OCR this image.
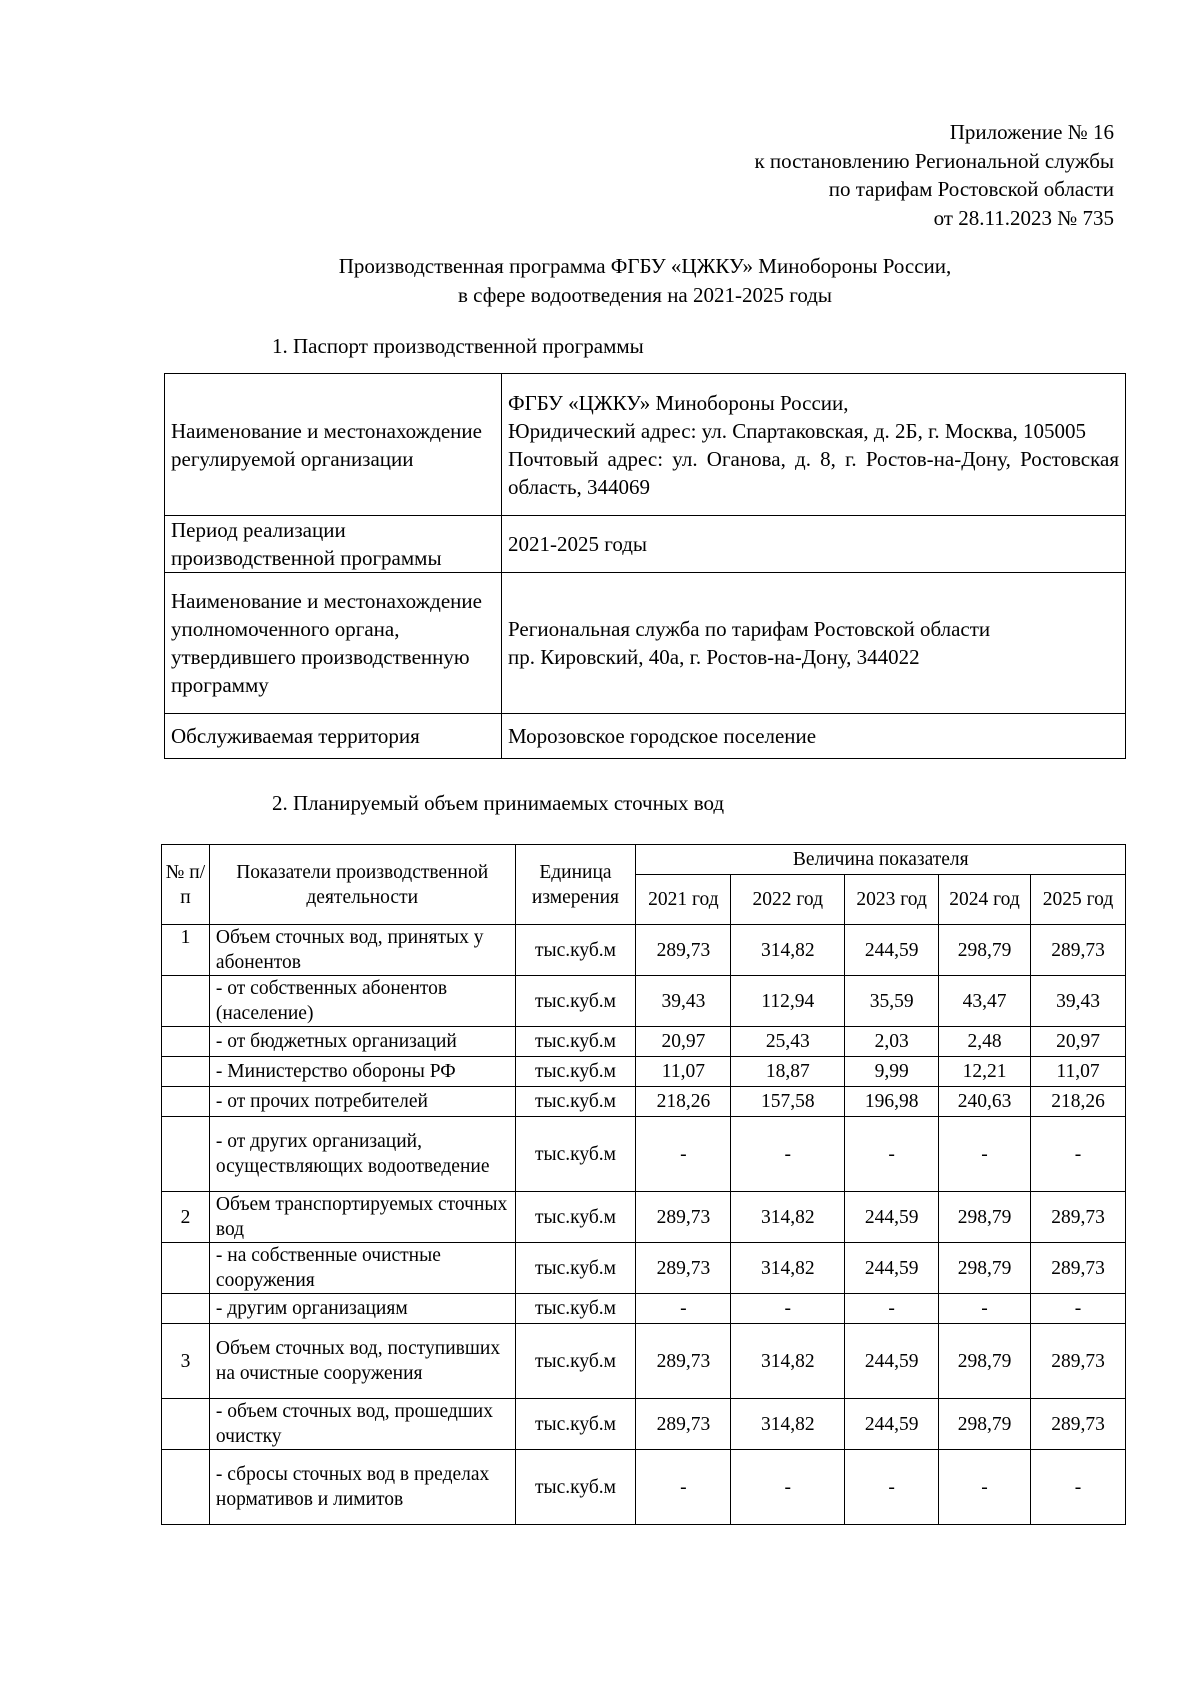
Приложение № 16
к постановлению Региональной службы
по тарифам Ростовской области
от 28.11.2023 № 735
Производственная программа ФГБУ «ЦЖКУ» Минобороны России,
в сфере водоотведения на 2021-2025 годы
1. Паспорт производственной программы
Наименование и местонахождение регулируемой организации	ФГБУ «ЦЖКУ» Минобороны России,

Юридический адрес: ул. Спартаковская, д. 2Б, г. Москва, 105005

Почтовый адрес: ул. Оганова, д. 8, г. Ростов-на-Дону, Ростовская область, 344069

Период реализации производственной программы	2021-2025 годы

Наименование и местонахождение уполномоченного органа, утвердившего производственную программу	Региональная служба по тарифам Ростовской области

пр. Кировский, 40а, г. Ростов-на-Дону, 344022

Обслуживаемая территория	Морозовское городское поселение

2. Планируемый объем принимаемых сточных вод
№ п/п	Показатели производственной деятельности	Единица измерения	Величина показателя				
			2021 год	2022 год	2023 год	2024 год	2025 год
1	Объем сточных вод, принятых у абонентов	тыс.куб.м	289,73	314,82	244,59	298,79	289,73
	- от собственных абонентов (население)	тыс.куб.м	39,43	112,94	35,59	43,47	39,43
	- от бюджетных организаций	тыс.куб.м	20,97	25,43	2,03	2,48	20,97
	- Министерство обороны РФ	тыс.куб.м	11,07	18,87	9,99	12,21	11,07
	- от прочих потребителей	тыс.куб.м	218,26	157,58	196,98	240,63	218,26
	- от других организаций, осуществляющих водоотведение	тыс.куб.м	-	-	-	-	-
2	Объем транспортируемых сточных вод	тыс.куб.м	289,73	314,82	244,59	298,79	289,73
	- на собственные очистные сооружения	тыс.куб.м	289,73	314,82	244,59	298,79	289,73
	- другим организациям	тыс.куб.м	-	-	-	-	-
3	Объем сточных вод, поступивших на очистные сооружения	тыс.куб.м	289,73	314,82	244,59	298,79	289,73
	- объем сточных вод, прошедших очистку	тыс.куб.м	289,73	314,82	244,59	298,79	289,73
	- сбросы сточных вод в пределах нормативов и лимитов	тыс.куб.м	-	-	-	-	-
